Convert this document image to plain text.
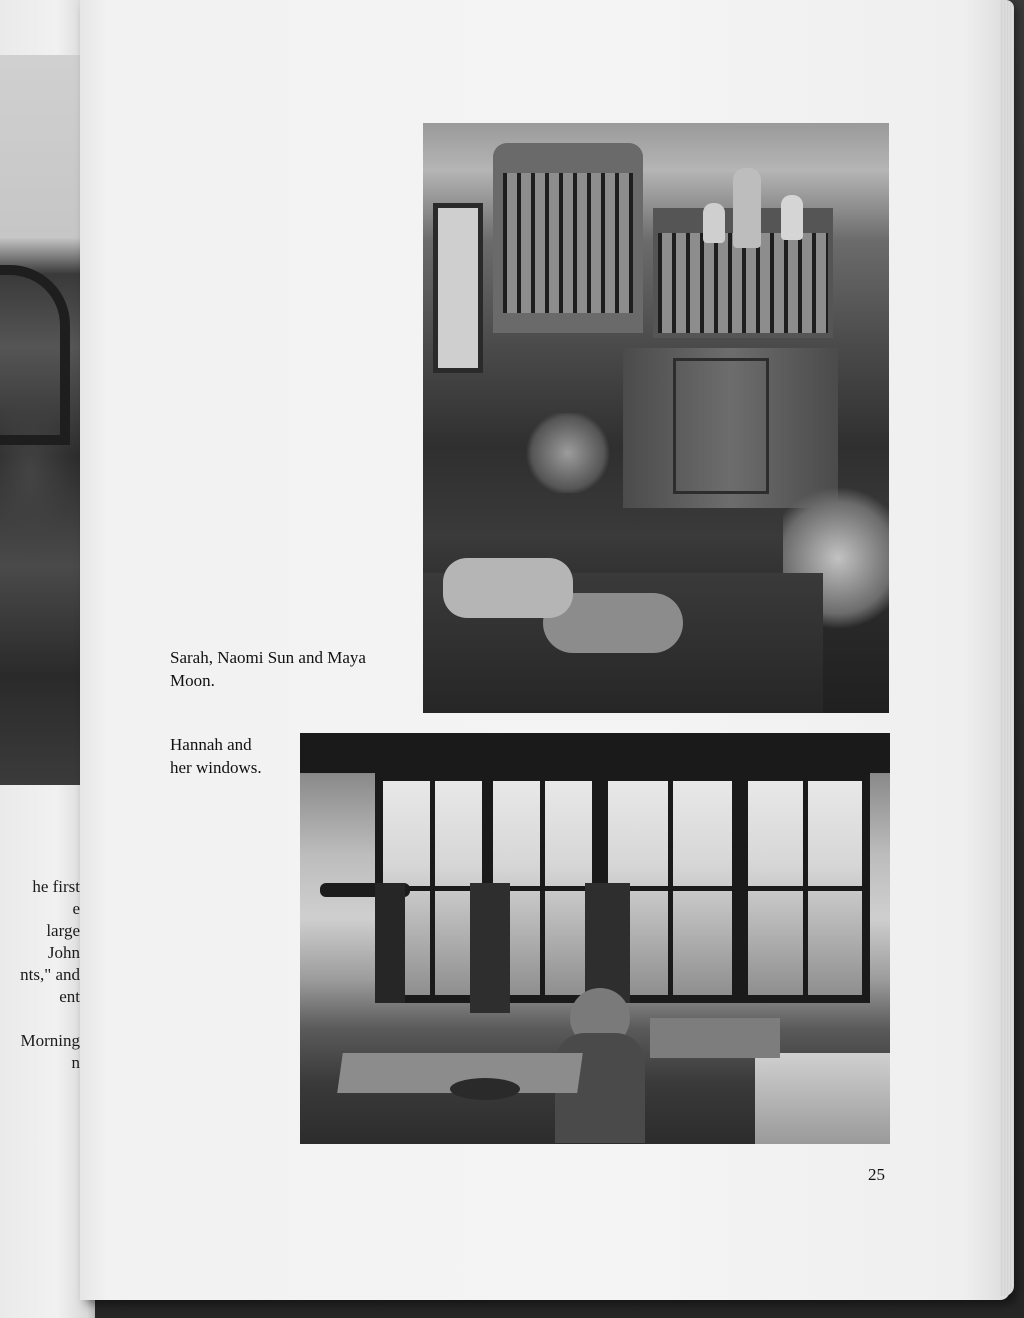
he first
e
large
John
nts," and
ent

Morning
n
Sarah, Naomi Sun and Maya
Moon.
Hannah and
her windows.
25
